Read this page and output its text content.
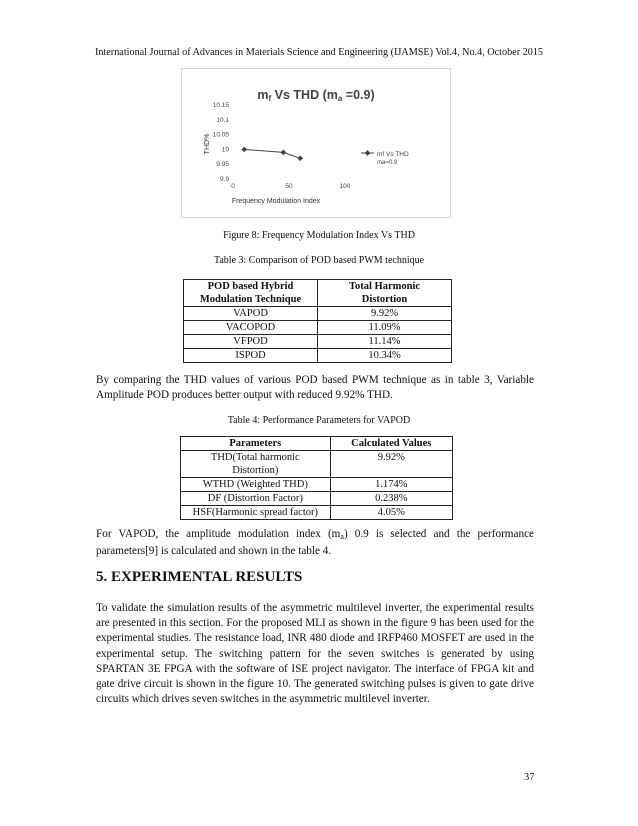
International Journal of Advances in Materials Science and Engineering (IJAMSE) Vol.4, No.4, October 2015
mf Vs THD (ma =0.9)
THD%
Frequency Modulation Index
10.15
10.1
10.05
10
9.95
9.9
0	50	100
mf Vs THD
ma=0.9
Figure 8: Frequency Modulation Index Vs THD
Table 3: Comparison of POD based PWM technique
POD based Hybrid
Modulation Technique	Total Harmonic
Distortion
VAPOD	9.92%
VACOPOD	11.09%
VFPOD	11.14%
ISPOD	10.34%
By comparing the THD values of various POD based PWM technique as in table 3, Variable Amplitude POD produces better output with reduced 9.92% THD.
Table 4: Performance Parameters for VAPOD
Parameters	Calculated Values
THD(Total harmonic
Distortion)	9.92%
WTHD (Weighted THD)	1.174%
DF (Distortion Factor)	0.238%
HSF(Harmonic spread factor)	4.05%
For VAPOD, the amplitude modulation index $(m_a)$ 0.9 is selected and the performance parameters[9] is calculated and shown in the table 4.
5. EXPERIMENTAL RESULTS
To validate the simulation results of the asymmetric multilevel inverter, the experimental results are presented in this section. For the proposed MLI as shown in the figure 9 has been used for the experimental studies. The resistance load, INR 480 diode and IRFP460 MOSFET are used in the experimental setup. The switching pattern for the seven switches is generated by using SPARTAN 3E FPGA with the software of ISE project navigator. The interface of FPGA kit and gate drive circuit is shown in the figure 10. The generated switching pulses is given to gate drive circuits which drives seven switches in the asymmetric multilevel inverter.
37
